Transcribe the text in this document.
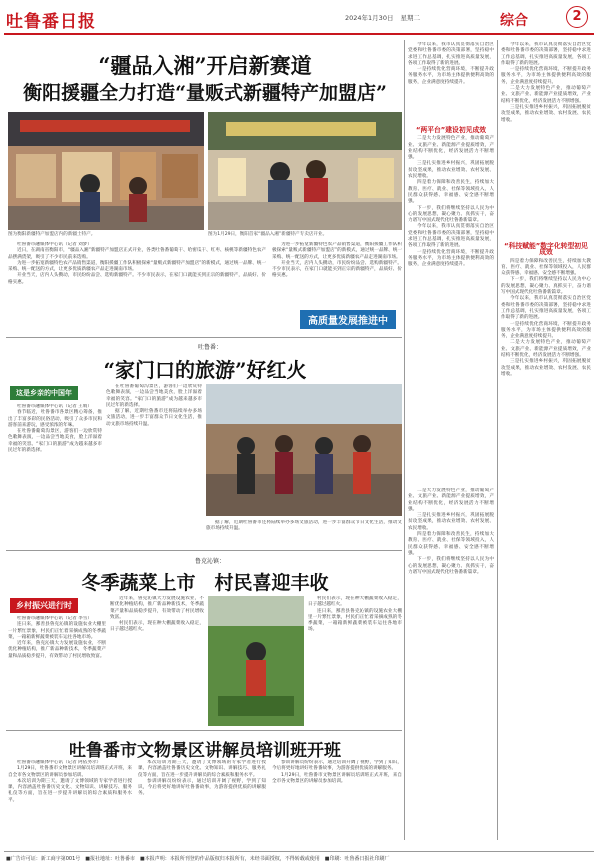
吐鲁番日报	2024年1月30日 星期二	综合	2
“疆品入湘”开启新赛道
衡阳援疆全力打造“量贩式新疆特产加盟店”
图为衡阳新疆特产加盟店内的新疆土特产。	图为1月29日，衡阳首家“疆品入湘”新疆特产专卖店开业。

吐鲁番市融媒体中心讯（记者 刘梦）

近日，在湖南省衡阳市，“疆品入湘”新疆特产加盟店正式开业，各类吐鲁番葡萄干、哈密瓜干、红枣、核桃等新疆特色农产品摆满货架，吸引了不少市民前来选购。

为进一步拓宽新疆特色农产品销售渠道，衡阳援疆工作队积极探索“量贩式新疆特产加盟店”的新模式，通过统一品牌、统一采购、统一配送的方式，让更多优质新疆农产品走进湖南市场。

开业当天，店内人头攒动，市民纷纷品尝、选购新疆特产。不少市民表示，在家门口就能买到正宗的新疆特产，品质好、价格实惠。

为进一步拓宽新疆特色农产品销售渠道，衡阳援疆工作队积极探索“量贩式新疆特产加盟店”的新模式，通过统一品牌、统一采购、统一配送的方式，让更多优质新疆农产品走进湖南市场。

开业当天，店内人头攒动，市民纷纷品尝、选购新疆特产。不少市民表示，在家门口就能买到正宗的新疆特产，品质好、价格实惠。

高质量发展推进中

今年以来，我市认真贯彻落实自治区党委和吐鲁番市委的决策部署，坚持稳中求进工作总基调，扎实推进高质量发展，各项工作取得了新的进展。

一是持续优化营商环境，不断提升政务服务水平，为市场主体提供便利高效的服务，企业满意度持续提升。

“两平台”建设初见成效

二是大力发展特色产业，推动葡萄产业、文旅产业、新能源产业提质增效，产业结构不断优化，经济发展活力不断增强。

三是扎实推进乡村振兴，巩固拓展脱贫攻坚成果，推动农业增效、农村发展、农民增收。

四是着力保障和改善民生，持续加大教育、医疗、就业、社保等领域投入，人民群众获得感、幸福感、安全感不断增强。

下一步，我们将继续坚持以人民为中心的发展思想，凝心聚力、真抓实干，奋力谱写中国式现代化吐鲁番新篇章。

今年以来，我市认真贯彻落实自治区党委和吐鲁番市委的决策部署，坚持稳中求进工作总基调，扎实推进高质量发展，各项工作取得了新的进展。

一是持续优化营商环境，不断提升政务服务水平，为市场主体提供便利高效的服务，企业满意度持续提升。

二是大力发展特色产业，推动葡萄产业、文旅产业、新能源产业提质增效，产业结构不断优化，经济发展活力不断增强。

三是扎实推进乡村振兴，巩固拓展脱贫攻坚成果，推动农业增效、农村发展、农民增收。

四是着力保障和改善民生，持续加大教育、医疗、就业、社保等领域投入，人民群众获得感、幸福感、安全感不断增强。

下一步，我们将继续坚持以人民为中心的发展思想，凝心聚力、真抓实干，奋力谱写中国式现代化吐鲁番新篇章。

今年以来，我市认真贯彻落实自治区党委和吐鲁番市委的决策部署，坚持稳中求进工作总基调，扎实推进高质量发展，各项工作取得了新的进展。

一是持续优化营商环境，不断提升政务服务水平，为市场主体提供便利高效的服务，企业满意度持续提升。

二是大力发展特色产业，推动葡萄产业、文旅产业、新能源产业提质增效，产业结构不断优化，经济发展活力不断增强。

三是扎实推进乡村振兴，巩固拓展脱贫攻坚成果，推动农业增效、农村发展、农民增收。

“科技赋能”数字化转型初见成效

四是着力保障和改善民生，持续加大教育、医疗、就业、社保等领域投入，人民群众获得感、幸福感、安全感不断增强。

下一步，我们将继续坚持以人民为中心的发展思想，凝心聚力、真抓实干，奋力谱写中国式现代化吐鲁番新篇章。

今年以来，我市认真贯彻落实自治区党委和吐鲁番市委的决策部署，坚持稳中求进工作总基调，扎实推进高质量发展，各项工作取得了新的进展。

一是持续优化营商环境，不断提升政务服务水平，为市场主体提供便利高效的服务，企业满意度持续提升。

二是大力发展特色产业，推动葡萄产业、文旅产业、新能源产业提质增效，产业结构不断优化，经济发展活力不断增强。

三是扎实推进乡村振兴，巩固拓展脱贫攻坚成果，推动农业增效、农村发展、农民增收。

吐鲁番：
“家门口的旅游”好红火
这是乡亲的中国年

吐鲁番市融媒体中心讯（记者 王娟）

春节临近，吐鲁番市各景区精心筹备，推出了丰富多彩的民俗活动，吸引了众多市民和游客前来游玩，感受浓浓的年味。

在吐鲁番葡萄沟景区，游客们一边欣赏特色歌舞表演，一边品尝当地美食，脸上洋溢着幸福的笑容。“家门口的旅游”成为越来越多市民过年的新选择。

在吐鲁番葡萄沟景区，游客们一边欣赏特色歌舞表演，一边品尝当地美食，脸上洋溢着幸福的笑容。“家门口的旅游”成为越来越多市民过年的新选择。

据了解，近期吐鲁番市还将陆续举办多场文旅活动，进一步丰富群众节日文化生活，推动文旅市场持续升温。

据了解，近期吐鲁番市还将陆续举办多场文旅活动，进一步丰富群众节日文化生活，推动文旅市场持续升温。

鲁克沁镇：
冬季蔬菜上市　村民喜迎丰收
乡村振兴进行时

吐鲁番市融媒体中心讯（记者 李雪）

连日来，鄯善县鲁克沁镇的设施农业大棚里一片繁忙景象，村民们正忙着采摘成熟的冬季蔬菜，一箱箱新鲜蔬菜被装车运往各地市场。

近年来，鲁克沁镇大力发展设施农业，不断优化种植结构，推广新品种新技术，冬季蔬菜产量和品质稳步提升，有效带动了村民增收致富。

近年来，鲁克沁镇大力发展设施农业，不断优化种植结构，推广新品种新技术，冬季蔬菜产量和品质稳步提升，有效带动了村民增收致富。

村民们表示，现在种大棚蔬菜收入稳定，日子越过越红火。

村民们表示，现在种大棚蔬菜收入稳定，日子越过越红火。

连日来，鄯善县鲁克沁镇的设施农业大棚里一片繁忙景象，村民们正忙着采摘成熟的冬季蔬菜，一箱箱新鲜蔬菜被装车运往各地市场。

吐鲁番市文物景区讲解员培训班开班

吐鲁番市融媒体中心讯（记者 阿依努尔）

1月29日，吐鲁番市文物景区讲解员培训班正式开班，来自全市各文物景区的讲解员参加培训。

本次培训为期三天，邀请了文博领域的专家学者进行授课，内容涵盖吐鲁番历史文化、文物知识、讲解技巧、服务礼仪等方面，旨在进一步提升讲解员的综合素质和服务水平。

本次培训为期三天，邀请了文博领域的专家学者进行授课，内容涵盖吐鲁番历史文化、文物知识、讲解技巧、服务礼仪等方面，旨在进一步提升讲解员的综合素质和服务水平。

参训讲解员纷纷表示，通过培训开阔了视野，学到了知识，今后将更好地讲好吐鲁番故事，为游客提供优质的讲解服务。

参训讲解员纷纷表示，通过培训开阔了视野，学到了知识，今后将更好地讲好吐鲁番故事，为游客提供优质的讲解服务。

1月29日，吐鲁番市文物景区讲解员培训班正式开班，来自全市各文物景区的讲解员参加培训。

■广告许可证：新工商字第001号　■报社地址：吐鲁番市　■本报声明：本报所刊登的作品版权归本报所有，未经书面授权，不得转载或使用　■印刷：吐鲁番日报社印刷厂
